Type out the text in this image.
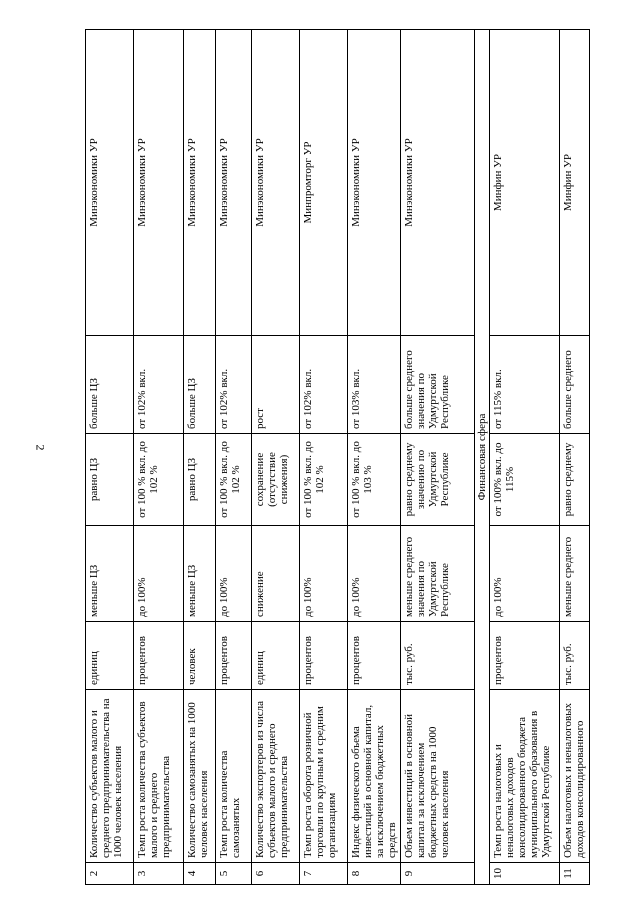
2
2	Количество субъектов малого и среднего предпринимательства на 1000 человек населения	единиц	меньше ЦЗ	равно ЦЗ	больше ЦЗ	Минэкономики УР
3	Темп роста количества субъектов малого и среднего предпринимательства	процентов	до 100%	от 100 % вкл. до 102 %	от 102% вкл.	Минэкономики УР
4	Количество самозанятых на 1000 человек населения	человек	меньше ЦЗ	равно ЦЗ	больше ЦЗ	Минэкономики УР
5	Темп роста количества самозанятых	процентов	до 100%	от 100 % вкл. до 102 %	от 102% вкл.	Минэкономики УР
6	Количество экспортеров из числа субъектов малого и среднего предпринимательства	единиц	снижение	сохранение (отсутствие снижения)	рост	Минэкономики УР
7	Темп роста оборота розничной торговли по крупным и средним организациям	процентов	до 100%	от 100 % вкл. до 102 %	от 102% вкл.	Минпромторг УР
8	Индекс физического объема инвестиций в основной капитал, за исключением бюджетных средств	процентов	до 100%	от 100 % вкл. до 103 %	от 103% вкл.	Минэкономики УР
9	Объем инвестиций в основной капитал за исключением бюджетных средств на 1000 человек населения	тыс. руб.	меньше среднего значения по Удмуртской Республике	равно среднему значению по Удмуртской Республике	больше среднего значения по Удмуртской Республике	Минэкономики УР
Финансовая сфера						
10	Темп роста налоговых и неналоговых доходов консолидированного бюджета муниципального образования в Удмуртской Республике	процентов	до 100%	от 100% вкл. до 115%	от 115% вкл.	Минфин УР
11	Объем налоговых и неналоговых доходов консолидированного	тыс. руб.	меньше среднего	равно среднему	больше среднего	Минфин УР
